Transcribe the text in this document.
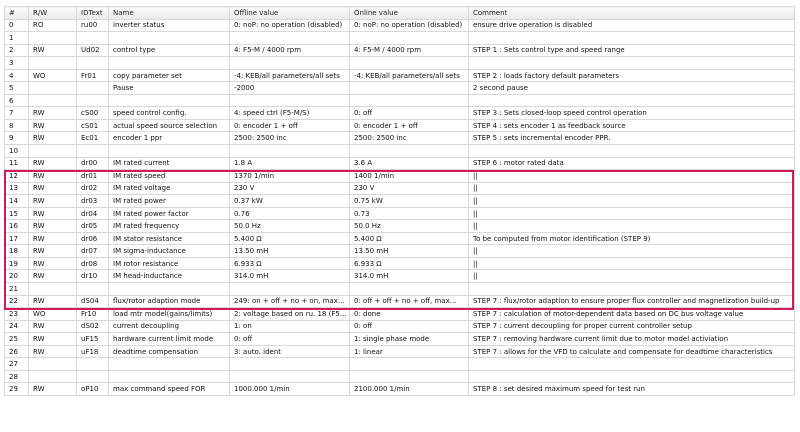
#	R/W	IDText	Name	Offline value	Online value	Comment
0	RO	ru00	inverter status	0: noP: no operation (disabled)	0: noP: no operation (disabled)	ensure drive operation is disabled
1						
2	RW	Ud02	control type	4: F5-M / 4000 rpm	4: F5-M / 4000 rpm	STEP 1 : Sets control type and speed range
3						
4	WO	Fr01	copy parameter set	-4: KEB/all parameters/all sets	-4: KEB/all parameters/all sets	STEP 2 : loads factory default parameters
5			Pause	-2000		2 second pause
6						
7	RW	cS00	speed control config.	4: speed ctrl (F5-M/S)	0: off	STEP 3 : Sets closed-loop speed control operation
8	RW	cS01	actual speed source selection	0: encoder 1 + off	0: encoder 1 + off	STEP 4 : sets encoder 1 as feedback source
9	RW	Ec01	encoder 1 ppr	2500: 2500 inc	2500: 2500 inc	STEP 5 : sets incremental encoder PPR.
10						
11	RW	dr00	IM rated current	1.8 A	3.6 A	STEP 6 : motor rated data
12	RW	dr01	IM rated speed	1370 1/min	1400 1/min	||
13	RW	dr02	IM rated voltage	230 V	230 V	||
14	RW	dr03	IM rated power	0.37 kW	0.75 kW	||
15	RW	dr04	IM rated power factor	0.76	0.73	||
16	RW	dr05	IM rated frequency	50.0 Hz	50.0 Hz	||
17	RW	dr06	IM stator resistance	5.400 Ω	5.400 Ω	To be computed from motor identification (STEP 9)
18	RW	dr07	IM sigma-inductance	13.50 mH	13.50 mH	||
19	RW	dr08	IM rotor resistance	6.933 Ω	6.933 Ω	||
20	RW	dr10	IM head-inductance	314.0 mH	314.0 mH	||
21						
22	RW	dS04	flux/rotor adaption mode	249: on + off + no + on, max...	0: off + off + no + off, max...	STEP 7 : flux/rotor adaption to ensure proper flux controller and magnetization build-up
23	WO	Fr10	load mtr model(gains/limits)	2: voltage based on ru. 18 (F5...	0: done	STEP 7 : calculation of motor-dependent data based on DC bus voltage value
24	RW	dS02	current decoupling	1: on	0: off	STEP 7 : current decoupling for proper current controller setup
25	RW	uF15	hardware current limit mode	0: off	1: single phase mode	STEP 7 : removing hardware current limit due to motor model activiation
26	RW	uF18	deadtime compensation	3: auto. ident	1: linear	STEP 7 : allows for the VFD to calculate and compensate for deadtime characteristics
27						
28						
29	RW	oP10	max command speed FOR	1000.000 1/min	2100.000 1/min	STEP 8 : set desired maximum speed for test run
